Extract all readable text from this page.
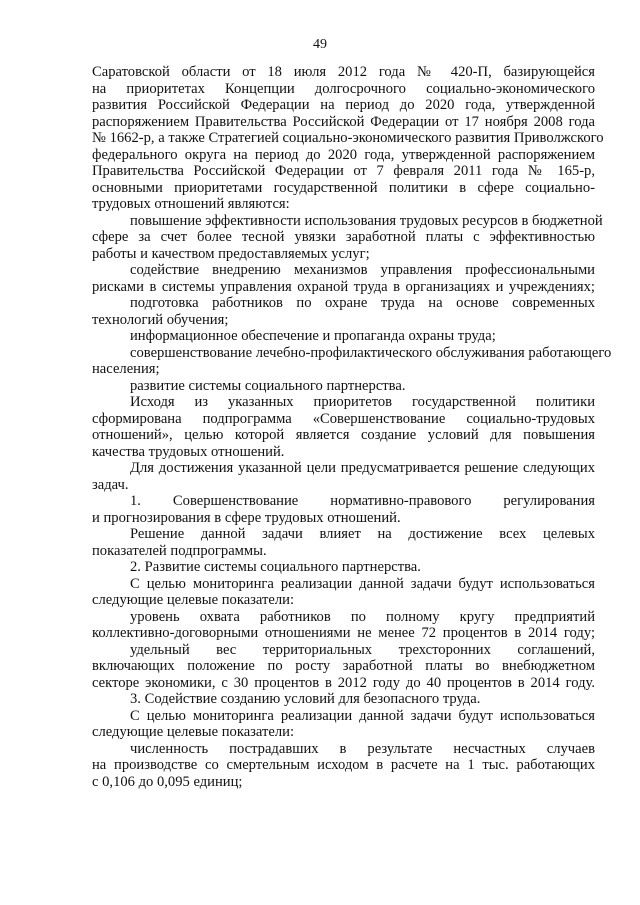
49
Саратовской области от 18 июля 2012 года № 420-П, базирующейся
на приоритетах Концепции долгосрочного социально-экономического
развития Российской Федерации на период до 2020 года, утвержденной
распоряжением Правительства Российской Федерации от 17 ноября 2008 года
№ 1662-р, а также Стратегией социально-экономического развития Приволжского
федерального округа на период до 2020 года, утвержденной распоряжением
Правительства Российской Федерации от 7 февраля 2011 года № 165-р,
основными приоритетами государственной политики в сфере социально-
трудовых отношений являются:
повышение эффективности использования трудовых ресурсов в бюджетной
сфере за счет более тесной увязки заработной платы с эффективностью
работы и качеством предоставляемых услуг;
содействие внедрению механизмов управления профессиональными
рисками в системы управления охраной труда в организациях и учреждениях;
подготовка работников по охране труда на основе современных
технологий обучения;
информационное обеспечение и пропаганда охраны труда;
совершенствование лечебно-профилактического обслуживания работающего
населения;
развитие системы социального партнерства.
Исходя из указанных приоритетов государственной политики
сформирована подпрограмма «Совершенствование социально-трудовых
отношений», целью которой является создание условий для повышения
качества трудовых отношений.
Для достижения указанной цели предусматривается решение следующих
задач.
1. Совершенствование нормативно-правового регулирования
и прогнозирования в сфере трудовых отношений.
Решение данной задачи влияет на достижение всех целевых
показателей подпрограммы.
2. Развитие системы социального партнерства.
С целью мониторинга реализации данной задачи будут использоваться
следующие целевые показатели:
уровень охвата работников по полному кругу предприятий
коллективно-договорными отношениями не менее 72 процентов в 2014 году;
удельный вес территориальных трехсторонних соглашений,
включающих положение по росту заработной платы во внебюджетном
секторе экономики, с 30 процентов в 2012 году до 40 процентов в 2014 году.
3. Содействие созданию условий для безопасного труда.
С целью мониторинга реализации данной задачи будут использоваться
следующие целевые показатели:
численность пострадавших в результате несчастных случаев
на производстве со смертельным исходом в расчете на 1 тыс. работающих
с 0,106 до 0,095 единиц;
